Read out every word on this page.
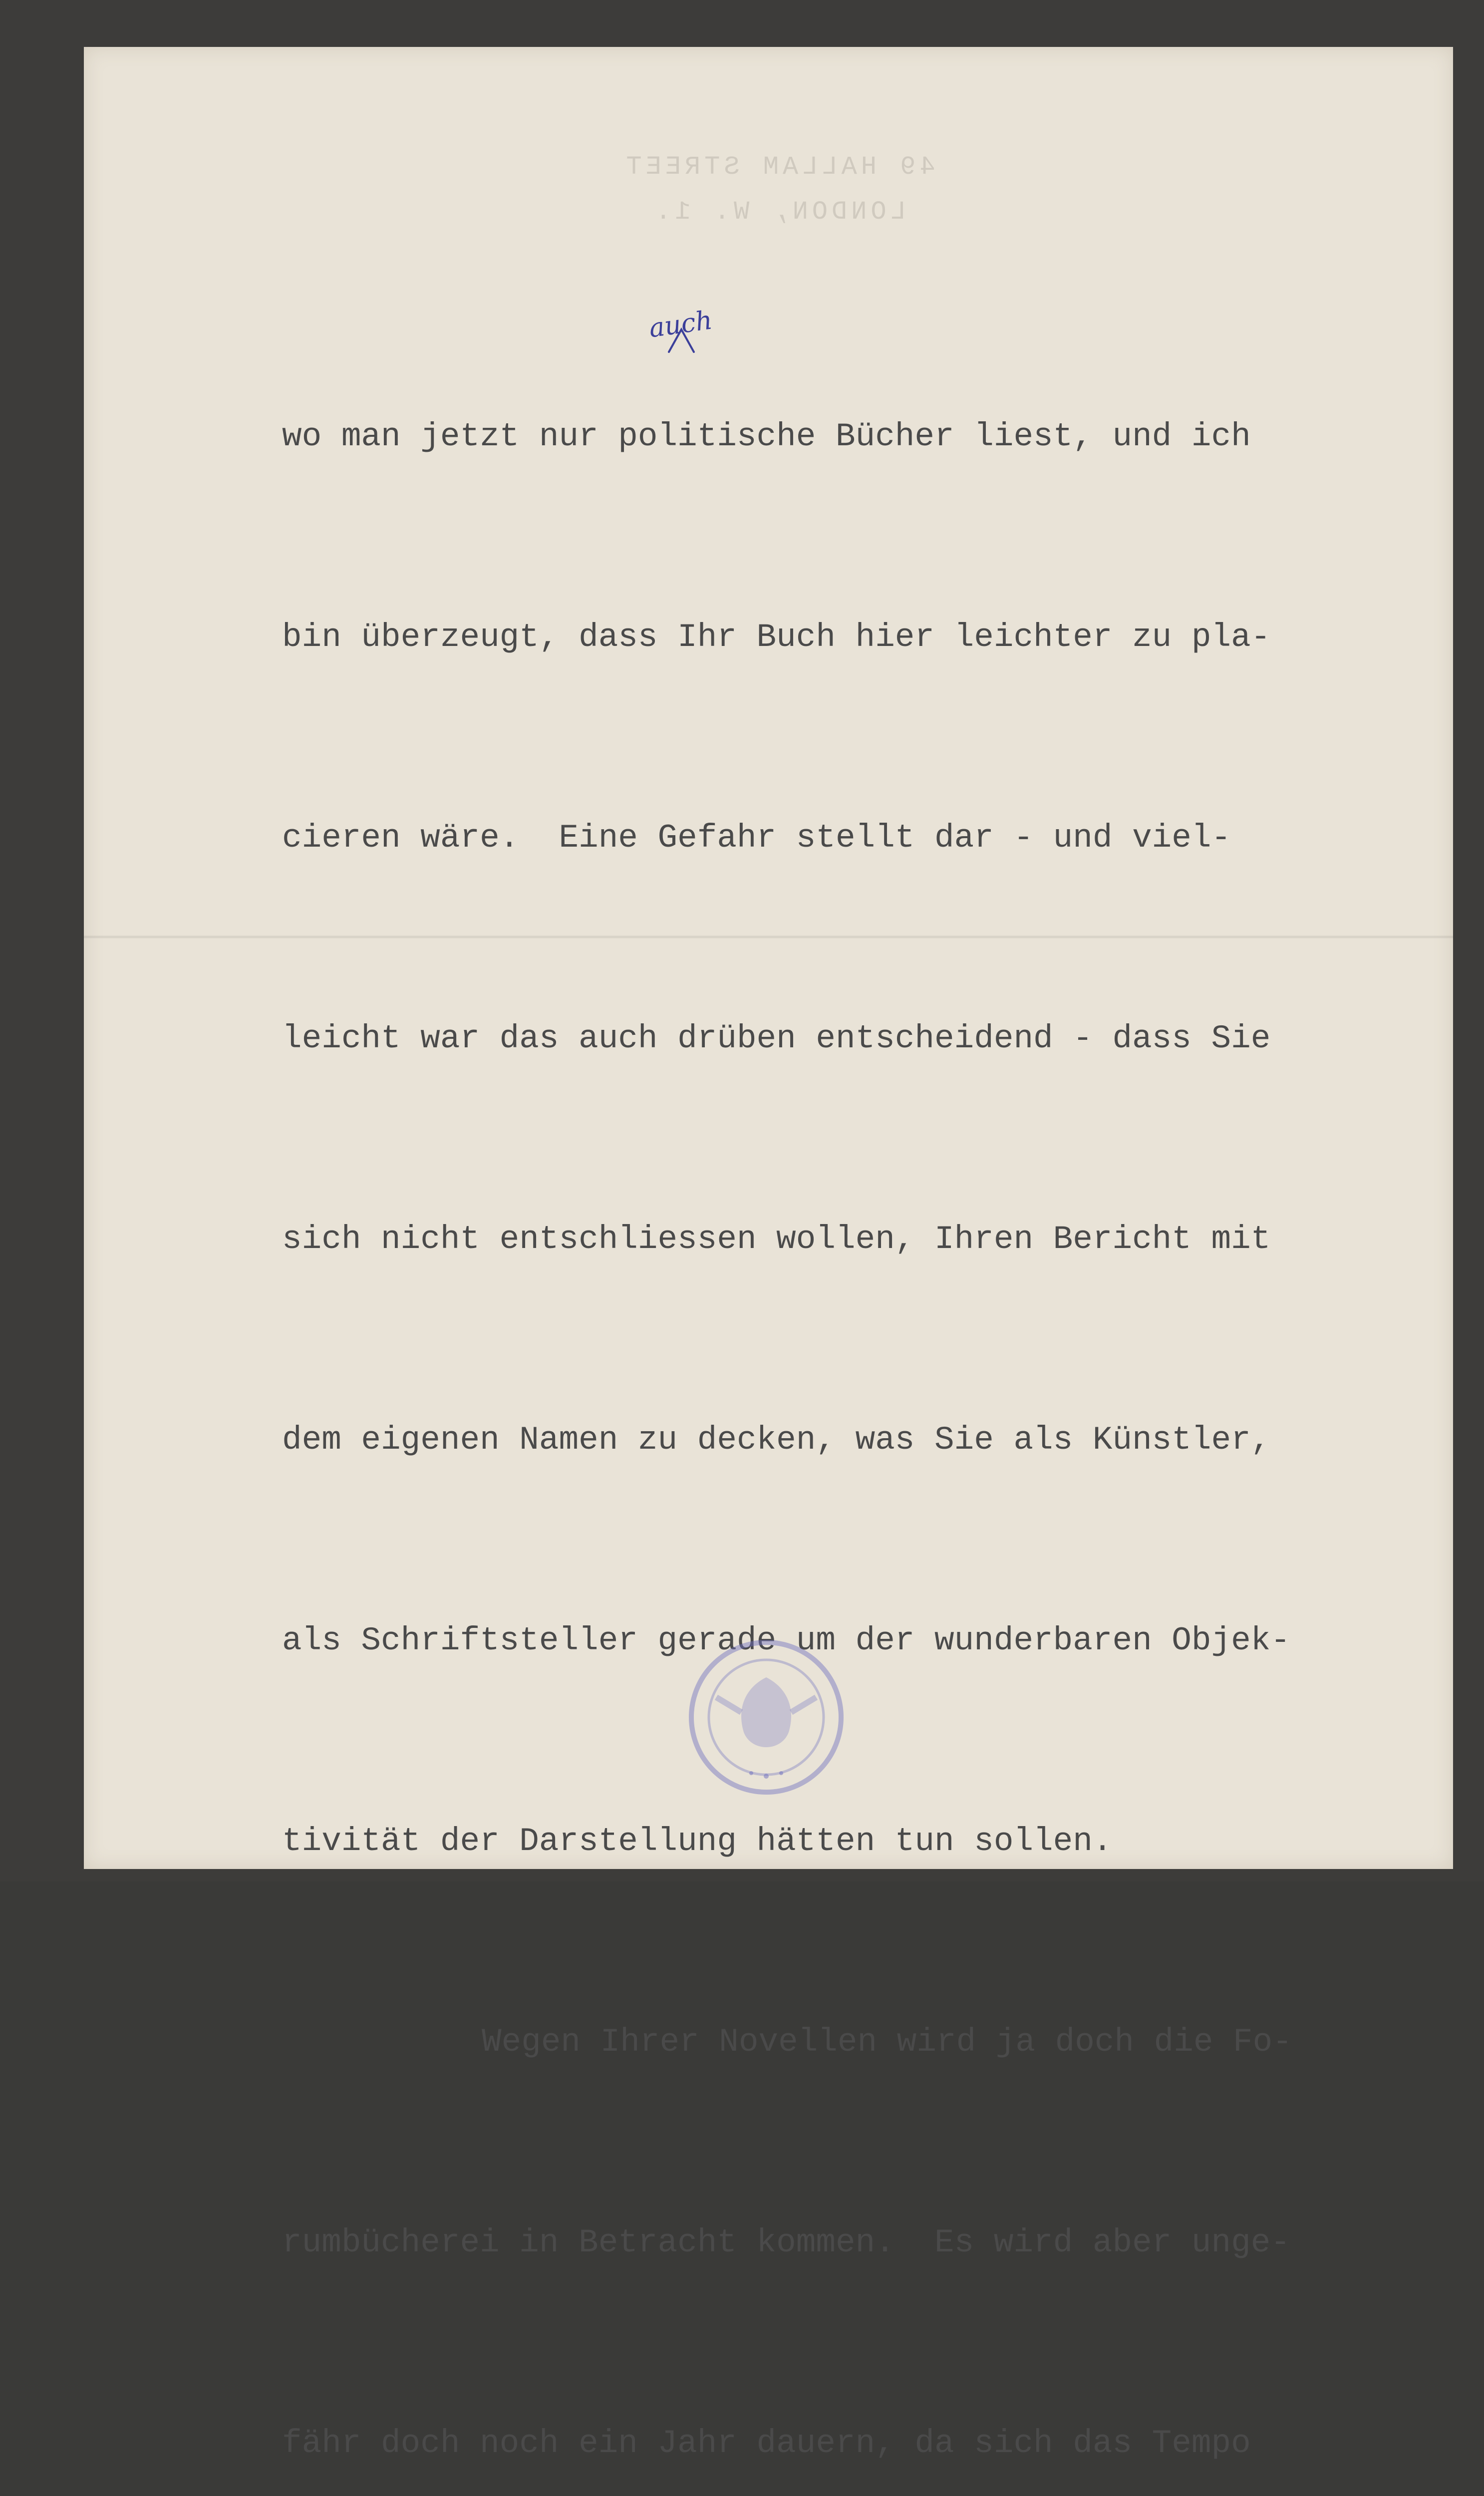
49 HALLAM STREET
LONDON, W. 1.

wo man jetzt nur politische Bücher liest, und ich

bin überzeugt, dass Ihr Buch hier leichter zu pla-

cieren wäre.  Eine Gefahr stellt dar - und viel-

leicht war das auch drüben entscheidend - dass Sie

sich nicht entschliessen wollen, Ihren Bericht mit

dem eigenen Namen zu decken, was Sie als Künstler,

als Schriftsteller gerade um der wunderbaren Objek-

tivität der Darstellung hätten tun sollen.

Wegen Ihrer Novellen wird ja doch die Fo-

rumbücherei in Betracht kommen.  Es wird aber unge-

fähr doch noch ein Jahr dauern, da sich das Tempo

auch
